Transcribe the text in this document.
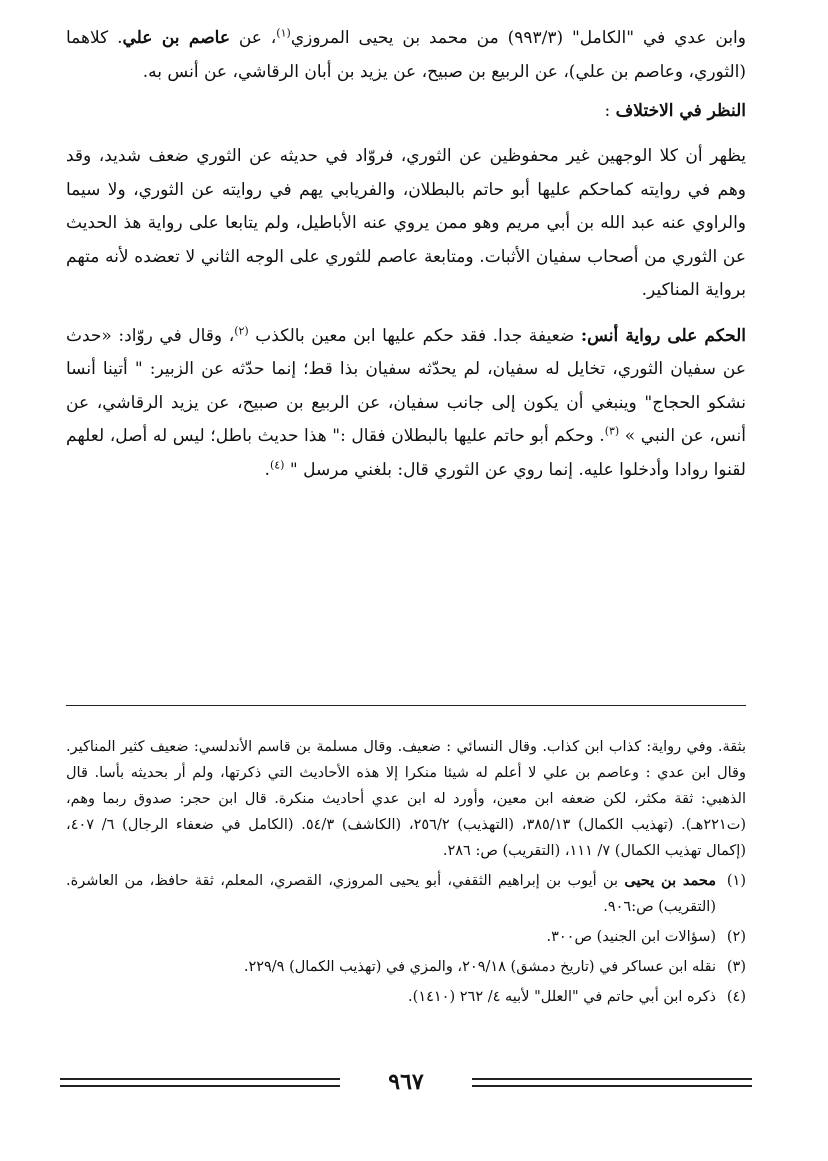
وابن عدي في "الكامل" (٩٩٣/٣) من محمد بن يحيى المروزي$^{(١)}$، عن عاصم بن علي. كلاهما (الثوري، وعاصم بن علي)، عن الربيع بن صبيح، عن يزيد بن أبان الرقاشي، عن أنس به.

النظر في الاختلاف :

يظهر أن كلا الوجهين غير محفوظين عن الثوري، فروّاد في حديثه عن الثوري ضعف شديد، وقد وهم في روايته كماحكم عليها أبو حاتم بالبطلان، والفريابي يهم في روايته عن الثوري، ولا سيما والراوي عنه عبد الله بن أبي مريم وهو ممن يروي عنه الأباطيل، ولم يتابعا على رواية هذ الحديث عن الثوري من أصحاب سفيان الأثبات. ومتابعة عاصم للثوري على الوجه الثاني لا تعضده لأنه متهم برواية المناكير.

الحكم على رواية أنس: ضعيفة جدا. فقد حكم عليها ابن معين بالكذب $^{(٢)}$، وقال في روّاد: «حدث عن سفيان الثوري، تخايل له سفيان، لم يحدّثه سفيان بذا قط؛ إنما حدّثه عن الزبير: " أتينا أنسا نشكو الحجاج" وينبغي أن يكون إلى جانب سفيان، عن الربيع بن صبيح، عن يزيد الرقاشي، عن أنس، عن النبي » $^{(٣)}$. وحكم أبو حاتم عليها بالبطلان فقال :" هذا حديث باطل؛ ليس له أصل، لعلهم لقنوا روادا وأدخلوا عليه. إنما روي عن الثوري قال: بلغني مرسل " $^{(٤)}$.

بثقة. وفي رواية: كذاب ابن كذاب. وقال النسائي : ضعيف. وقال مسلمة بن قاسم الأندلسي: ضعيف كثير المناكير. وقال ابن عدي : وعاصم بن علي لا أعلم له شيئا منكرا إلا هذه الأحاديث التي ذكرتها، ولم أر بحديثه بأسا. قال الذهبي: ثقة مكثر، لكن ضعفه ابن معين، وأورد له ابن عدي أحاديث منكرة. قال ابن حجر: صدوق ربما وهم، (ت٢٢١هـ). (تهذيب الكمال) ٣٨٥/١٣، (التهذيب) ٢٥٦/٢، (الكاشف) ٥٤/٣. (الكامل في ضعفاء الرجال) ٦/ ٤٠٧، (إكمال تهذيب الكمال) ٧/ ١١١، (التقريب) ص: ٢٨٦.

(١)
محمد بن يحيى بن أيوب بن إبراهيم الثقفي، أبو يحيى المروزي، القصري، المعلم، ثقة حافظ، من العاشرة.(التقريب) ص:٩٠٦.

(٢)
(سؤالات ابن الجنيد) ص٣٠٠.

(٣)
نقله ابن عساكر في (تاريخ دمشق) ٢٠٩/١٨، والمزي في (تهذيب الكمال) ٢٢٩/٩.

(٤)
ذكره ابن أبي حاتم في "العلل" لأبيه ٤/ ٢٦٢ (١٤١٠).

٩٦٧
